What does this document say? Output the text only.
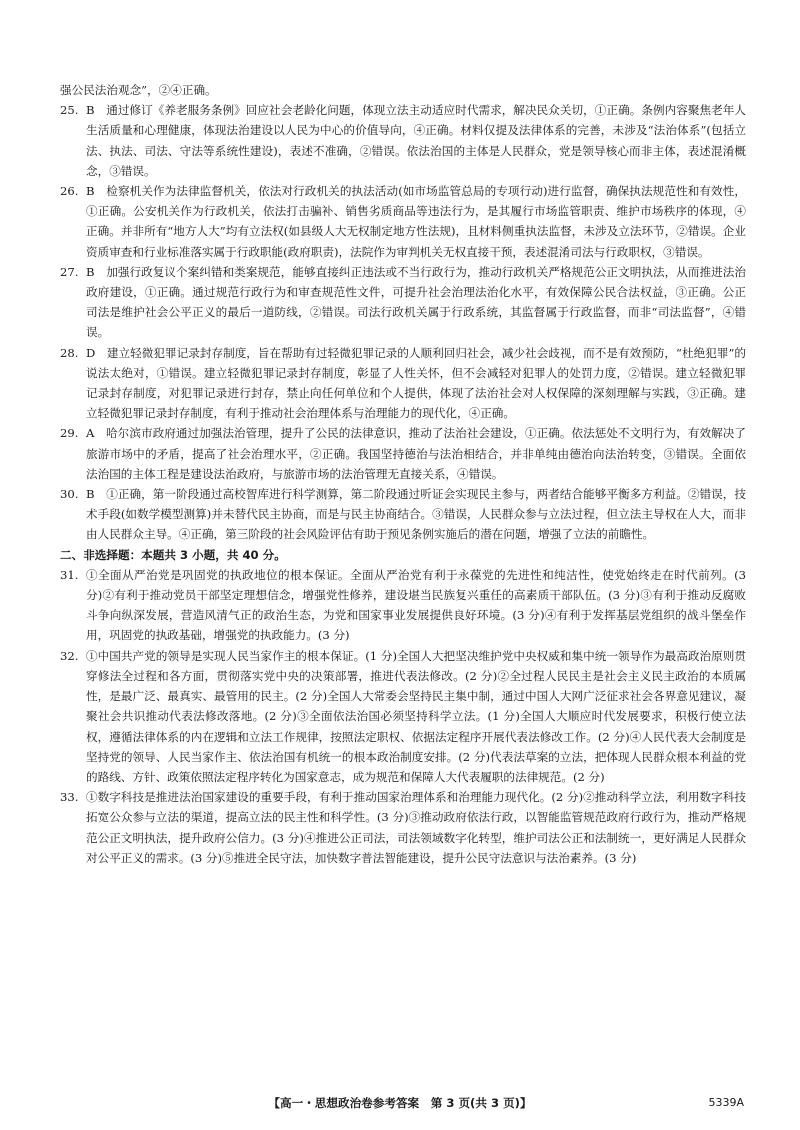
强公民法治观念”，②④正确。

25. B　通过修订《养老服务条例》回应社会老龄化问题，体现立法主动适应时代需求，解决民众关切，①正确。条例内容聚焦老年人生活质量和心理健康，体现法治建设以人民为中心的价值导向，④正确。材料仅提及法律体系的完善，未涉及“法治体系”(包括立法、执法、司法、守法等系统性建设)，表述不准确，②错误。依法治国的主体是人民群众，党是领导核心而非主体，表述混淆概念，③错误。
26. B　检察机关作为法律监督机关，依法对行政机关的执法活动(如市场监管总局的专项行动)进行监督，确保执法规范性和有效性，①正确。公安机关作为行政机关，依法打击骗补、销售劣质商品等违法行为，是其履行市场监管职责、维护市场秩序的体现，④正确。并非所有“地方人大”均有立法权(如县级人大无权制定地方性法规)，且材料侧重执法监督，未涉及立法环节，②错误。企业资质审查和行业标准落实属于行政职能(政府职责)，法院作为审判机关无权直接干预，表述混淆司法与行政职权，③错误。
27. B　加强行政复议个案纠错和类案规范，能够直接纠正违法或不当行政行为，推动行政机关严格规范公正文明执法，从而推进法治政府建设，①正确。通过规范行政行为和审查规范性文件，可提升社会治理法治化水平，有效保障公民合法权益，③正确。公正司法是维护社会公平正义的最后一道防线，②错误。司法行政机关属于行政系统，其监督属于行政监督，而非“司法监督”，④错误。
28. D　建立轻微犯罪记录封存制度，旨在帮助有过轻微犯罪记录的人顺利回归社会，减少社会歧视，而不是有效预防，“杜绝犯罪”的说法太绝对，①错误。建立轻微犯罪记录封存制度，彰显了人性关怀，但不会减轻对犯罪人的处罚力度，②错误。建立轻微犯罪记录封存制度，对犯罪记录进行封存，禁止向任何单位和个人提供，体现了法治社会对人权保障的深刻理解与实践，③正确。建立轻微犯罪记录封存制度，有利于推动社会治理体系与治理能力的现代化，④正确。
29. A　哈尔滨市政府通过加强法治管理，提升了公民的法律意识，推动了法治社会建设，①正确。依法惩处不文明行为，有效解决了旅游市场中的矛盾，提高了社会治理水平，②正确。我国坚持德治与法治相结合，并非单纯由德治向法治转变，③错误。全面依法治国的主体工程是建设法治政府，与旅游市场的法治管理无直接关系，④错误。
30. B　①正确，第一阶段通过高校智库进行科学测算，第二阶段通过听证会实现民主参与，两者结合能够平衡多方利益。②错误，技术手段(如数学模型测算)并未替代民主协商，而是与民主协商结合。③错误，人民群众参与立法过程，但立法主导权在人大，而非由人民群众主导。④正确，第三阶段的社会风险评估有助于预见条例实施后的潜在问题，增强了立法的前瞻性。

二、非选择题：本题共 3 小题，共 40 分。

31. ①全面从严治党是巩固党的执政地位的根本保证。全面从严治党有利于永葆党的先进性和纯洁性，使党始终走在时代前列。(3 分)②有利于推动党员干部坚定理想信念，增强党性修养，建设堪当民族复兴重任的高素质干部队伍。(3 分)③有利于推动反腐败斗争向纵深发展，营造风清气正的政治生态，为党和国家事业发展提供良好环境。(3 分)④有利于发挥基层党组织的战斗堡垒作用，巩固党的执政基础，增强党的执政能力。(3 分)
32. ①中国共产党的领导是实现人民当家作主的根本保证。(1 分)全国人大把坚决维护党中央权威和集中统一领导作为最高政治原则贯穿修法全过程和各方面，贯彻落实党中央的决策部署，推进代表法修改。(2 分)②全过程人民民主是社会主义民主政治的本质属性，是最广泛、最真实、最管用的民主。(2 分)全国人大常委会坚持民主集中制，通过中国人大网广泛征求社会各界意见建议，凝聚社会共识推动代表法修改落地。(2 分)③全面依法治国必须坚持科学立法。(1 分)全国人大顺应时代发展要求，积极行使立法权，遵循法律体系的内在逻辑和立法工作规律，按照法定职权、依据法定程序开展代表法修改工作。(2 分)④人民代表大会制度是坚持党的领导、人民当家作主、依法治国有机统一的根本政治制度安排。(2 分)代表法草案的立法，把体现人民群众根本利益的党的路线、方针、政策依照法定程序转化为国家意志，成为规范和保障人大代表履职的法律规范。(2 分)
33. ①数字科技是推进法治国家建设的重要手段，有利于推动国家治理体系和治理能力现代化。(2 分)②推动科学立法，利用数字科技拓宽公众参与立法的渠道，提高立法的民主性和科学性。(3 分)③推动政府依法行政，以智能监管规范政府行政行为，推动严格规范公正文明执法，提升政府公信力。(3 分)④推进公正司法，司法领域数字化转型，维护司法公正和法制统一，更好满足人民群众对公平正义的需求。(3 分)⑤推进全民守法，加快数字普法智能建设，提升公民守法意识与法治素养。(3 分)
【高一・思想政治卷参考答案　第 3 页(共 3 页)】	5339A
